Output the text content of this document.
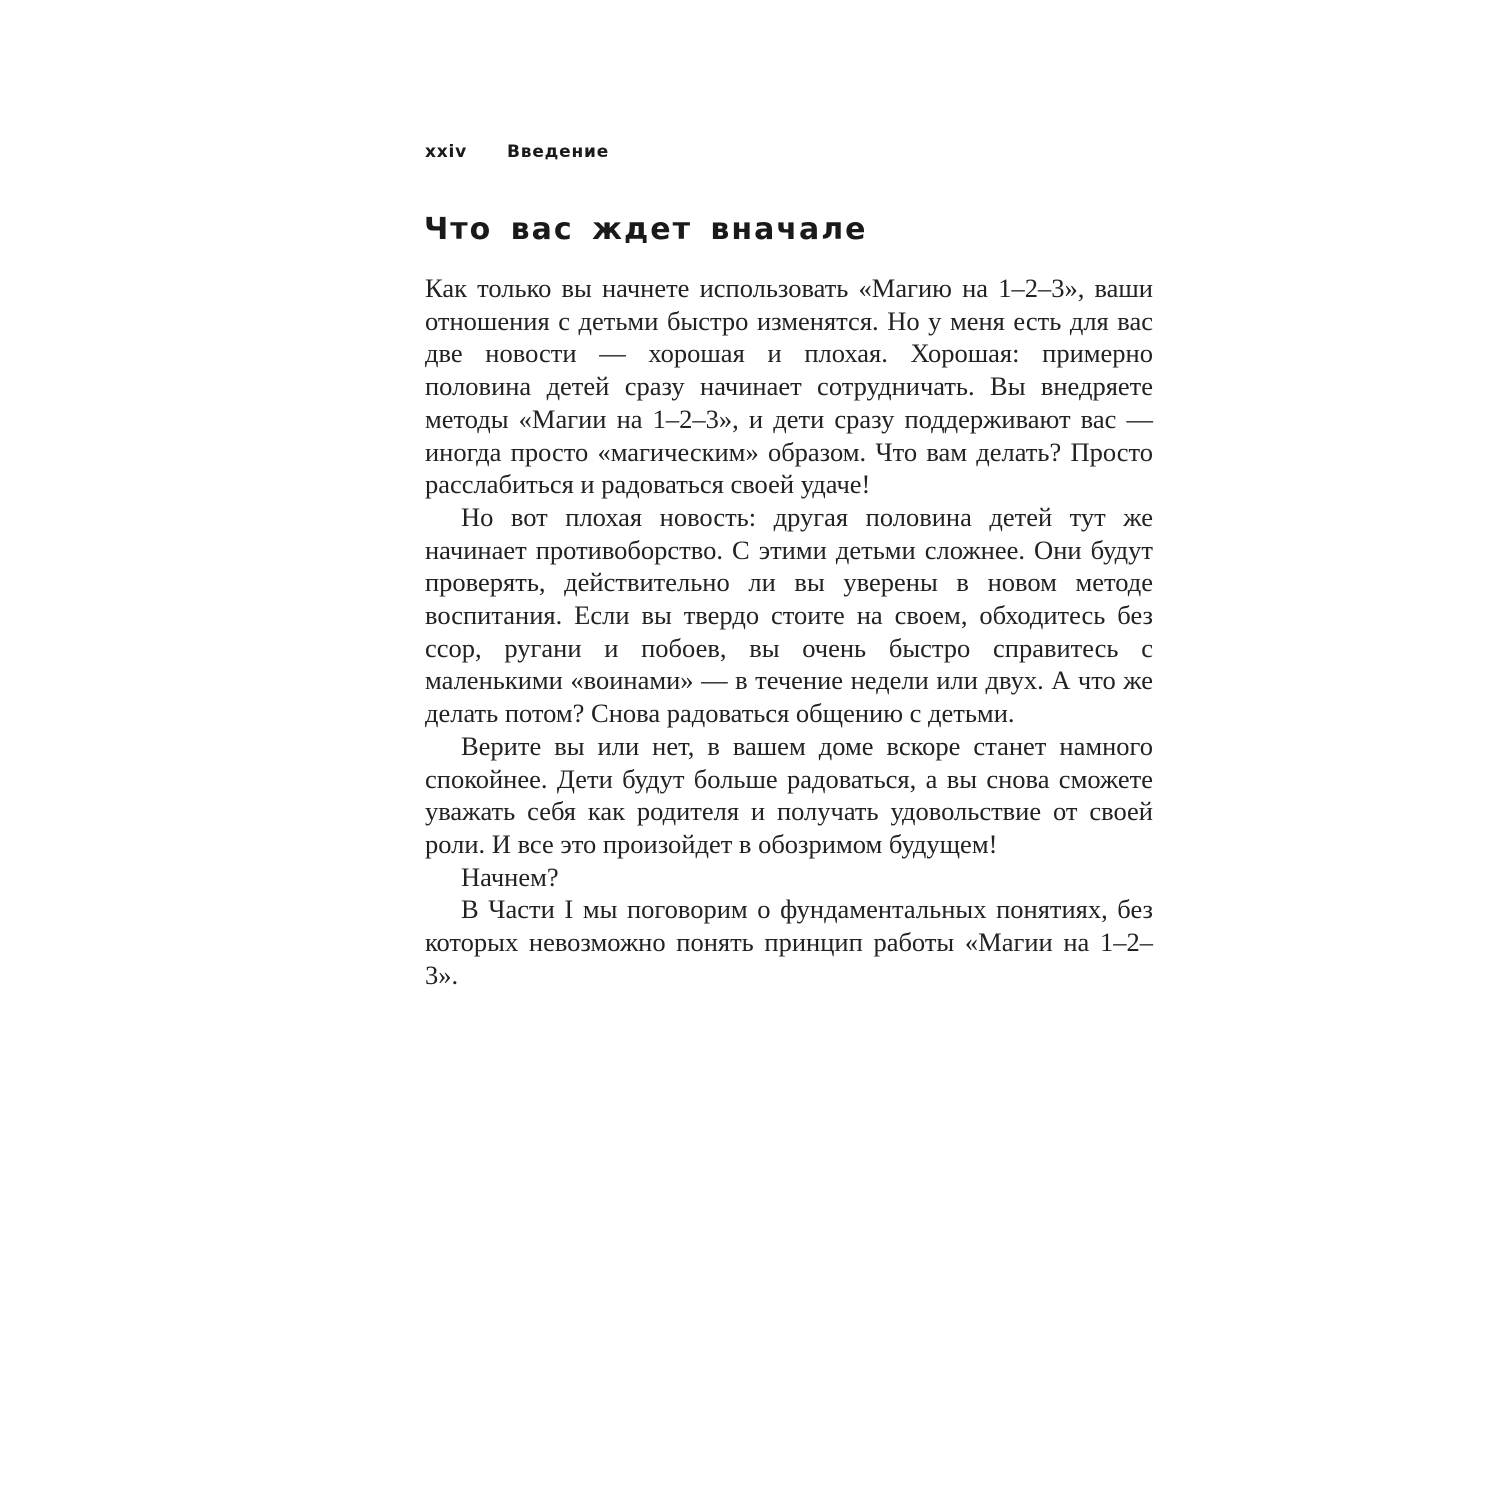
xxiv Введение
Что вас ждет вначале

Как только вы начнете использовать «Магию на 1–2–3», ваши отношения с детьми быстро изменятся. Но у меня есть для вас две новости — хорошая и плохая. Хорошая: примерно половина детей сразу начинает сотрудничать. Вы внедряете методы «Магии на 1–2–3», и дети сразу поддерживают вас — иногда просто «магическим» образом. Что вам делать? Просто расслабиться и радоваться своей удаче!

Но вот плохая новость: другая половина детей тут же начинает противоборство. С этими детьми сложнее. Они будут проверять, действительно ли вы уверены в новом методе воспитания. Если вы твердо стоите на своем, обходитесь без ссор, ругани и побоев, вы очень быстро справитесь с маленькими «воинами» — в течение недели или двух. А что же делать потом? Снова радоваться общению с детьми.

Верите вы или нет, в вашем доме вскоре станет намного спокойнее. Дети будут больше радоваться, а вы снова сможете уважать себя как родителя и получать удовольствие от своей роли. И все это произойдет в обозримом будущем!

Начнем?

В Части I мы поговорим о фундаментальных понятиях, без которых невозможно понять принцип работы «Магии на 1–2–3».
